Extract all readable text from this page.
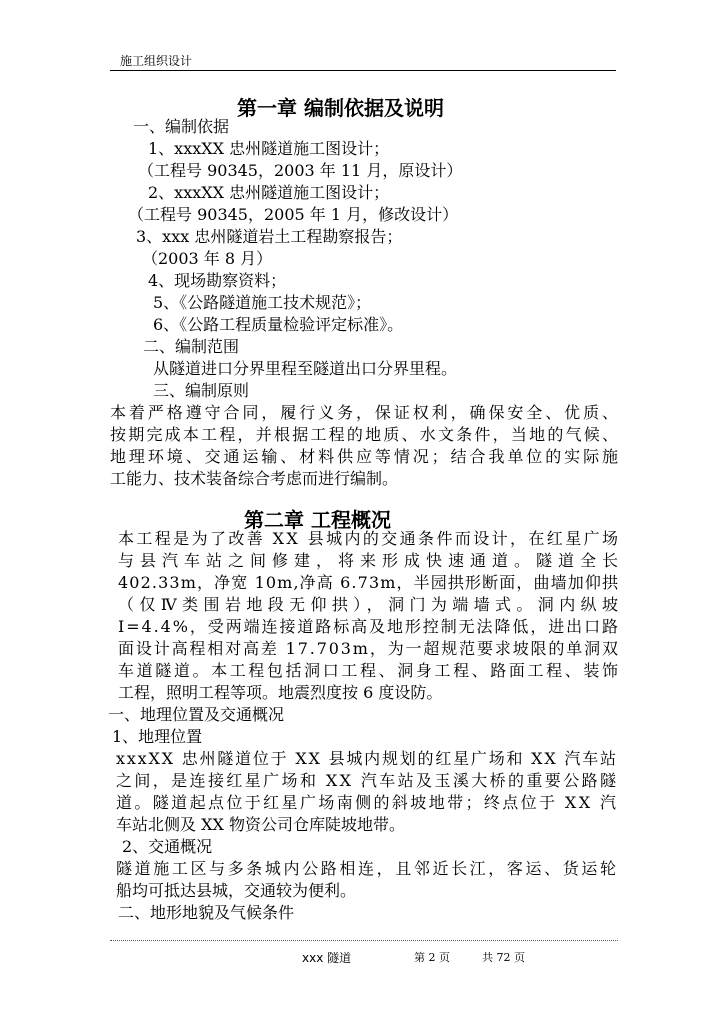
施工组织设计
第一章 编制依据及说明
一、编制依据
1、xxxXX 忠州隧道施工图设计；
（工程号 90345，2003 年 11 月，原设计）
2、xxxXX 忠州隧道施工图设计；
（工程号 90345，2005 年 1 月，修改设计）
3、xxx 忠州隧道岩土工程勘察报告；
（2003 年 8 月）
4、现场勘察资料；
5、《公路隧道施工技术规范》；
6、《公路工程质量检验评定标准》。
二、编制范围
从隧道进口分界里程至隧道出口分界里程。
三、编制原则
本着严格遵守合同，履行义务，保证权利，确保安全、优质、
按期完成本工程，并根据工程的地质、水文条件，当地的气候、
地理环境、交通运输、材料供应等情况；结合我单位的实际施
工能力、技术装备综合考虑而进行编制。
第二章 工程概况
本工程是为了改善 XX 县城内的交通条件而设计，在红星广场
与县汽车站之间修建，将来形成快速通道。隧道全长
402.33m，净宽 10m,净高 6.73m，半园拱形断面，曲墙加仰拱
（仅Ⅳ类围岩地段无仰拱），洞门为端墙式。洞内纵坡
I=4.4%，受两端连接道路标高及地形控制无法降低，进出口路
面设计高程相对高差 17.703m，为一超规范要求坡限的单洞双
车道隧道。本工程包括洞口工程、洞身工程、路面工程、装饰
工程，照明工程等项。地震烈度按 6 度设防。
一、地理位置及交通概况
1、地理位置
xxxXX 忠州隧道位于 XX 县城内规划的红星广场和 XX 汽车站
之间，是连接红星广场和 XX 汽车站及玉溪大桥的重要公路隧
道。隧道起点位于红星广场南侧的斜坡地带；终点位于 XX 汽
车站北侧及 XX 物资公司仓库陡坡地带。
2、交通概况
隧道施工区与多条城内公路相连，且邻近长江，客运、货运轮
船均可抵达县城，交通较为便利。
二、地形地貌及气候条件
xxx 隧道	第 2 页	共 72 页
